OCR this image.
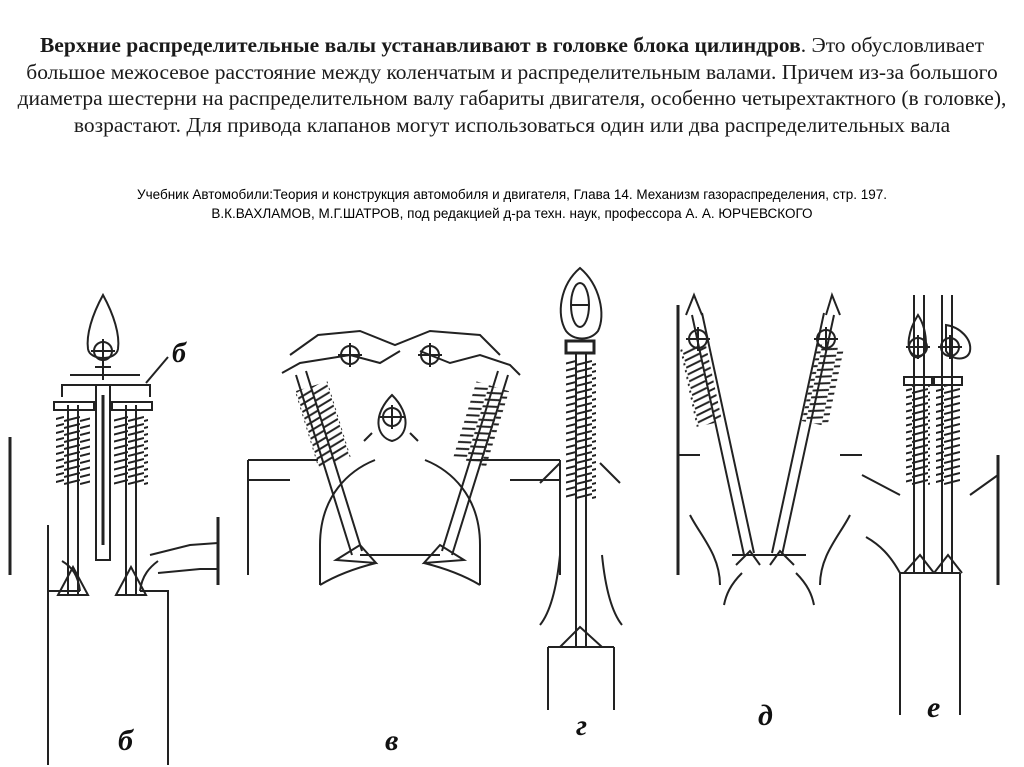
Верхние распределительные валы устанавливают в головке блока цилиндров. Это обусловливает большое межосевое расстояние между коленчатым и распределительным валами. Причем из-за большого диаметра шестерни на распределительном валу габариты двигателя, особенно четырехтактного (в головке), возрастают. Для привода клапанов могут использоваться один или два распределительных вала
Учебник Автомобили:Теория и конструкция автомобиля и двигателя, Глава 14. Механизм газораспределения, стр. 197.
В.К.ВАХЛАМОВ, М.Г.ШАТРОВ, под редакцией д-ра техн. наук, профессора А. А. ЮРЧЕВСКОГО
б
б	в	г	д	е
